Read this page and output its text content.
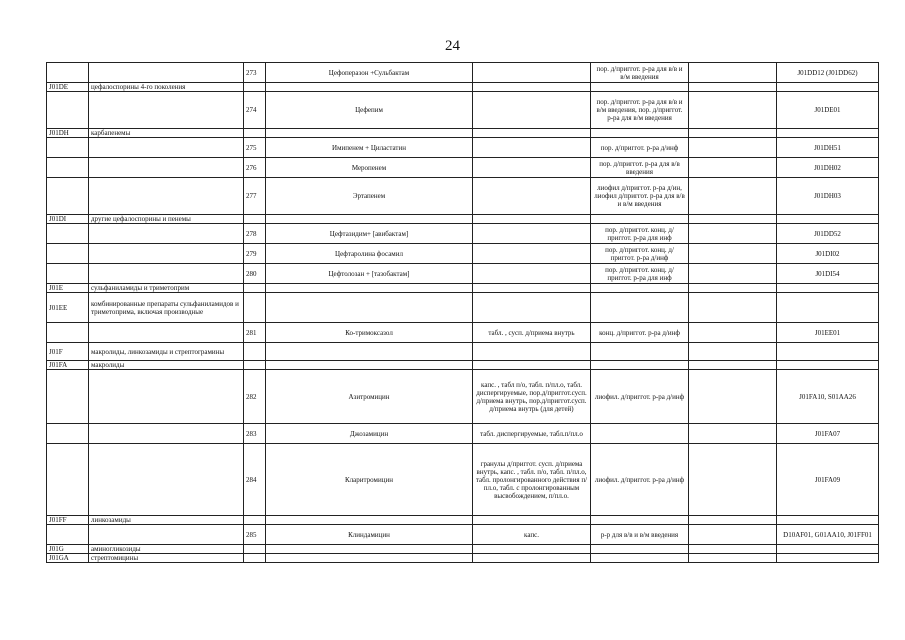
24
		273	Цефоперазон +Сульбактам		пор. д/приггот. р-ра для в/в и в/м введения		J01DD12 (J01DD62)
J01DE	цефалоспорины 4-го поколения						
		274	Цефепим		пор. д/приггот. р-ра для в/в и в/м введения, пор. д/приггот. р-ра для в/м введения		J01DE01
J01DH	карбапенемы						
		275	Имипенем + Циластатин		пор. д/приггот. р-ра д/инф		J01DH51
		276	Меропенем		пор. д/приггот. р-ра для в/в введения		J01DH02
		277	Эртапенем		лиофил д/приггот. р-ра д/ин, лиофил д/приггот. р-ра для в/в и в/м введения		J01DH03
J01DI	другие цефалоспорины и пенемы						
		278	Цефтазидим+ [авибактам]		пор. д/приггот. конц. д/приггот. р-ра для инф		J01DD52
		279	Цефтаролина фосамил		пор. д/приггот. конц. д/приггот. р-ра д/инф		J01DI02
		280	Цефтолозан + [тазобактам]		пор. д/приггот. конц. д/приггот. р-ра для инф		J01DI54
J01E	сульфаниламиды и триметоприм						
J01EE	комбинированные препараты сульфаниламидов и триметоприма, включая производные						
		281	Ко-тримоксазол	табл. , сусп. д/приема внутрь	конц. д/приггот. р-ра д/инф		J01EE01
J01F	макролиды, линкозамиды и стрептограмины						
J01FA	макролиды						
		282	Азитромицин	капс. , табл п/о, табл. п/пл.о, табл. диспергируемые, пор.д/приггот.сусп. д/приема внутрь, пор.д/приггот.сусп. д/приема внутрь (для детей)	лиофил. д/приггот. р-ра д/инф		J01FA10, S01AA26
		283	Джозамицин	табл. диспергируемые, табл.п/пл.о			J01FA07
		284	Кларитромицин	гранулы д/приггот. сусп. д/приема внутрь, капс. , табл. п/о, табл. п/пл.о, табл. пролонгированного действия п/пл.о, табл. с пролонгированным высвобождением, п/пл.о.	лиофил. д/приггот. р-ра д/инф		J01FA09
J01FF	линкозамиды						
		285	Клиндамицин	капс.	р-р для в/в и в/м введения		D10AF01, G01AA10, J01FF01
J01G	аминогликозиды						
J01GA	стрептомицины						
